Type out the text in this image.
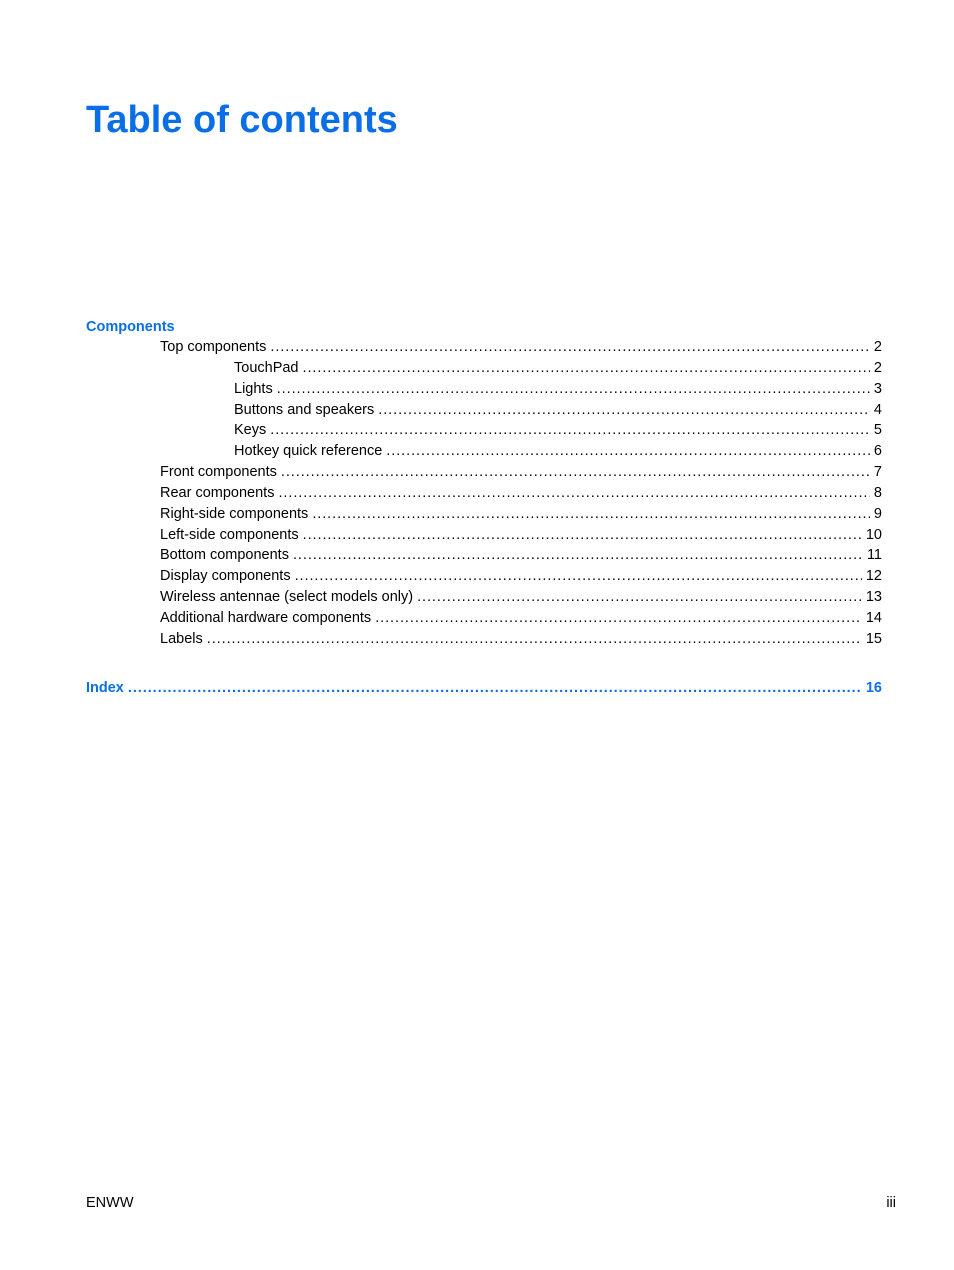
Table of contents
Components
Top components . . .	2
TouchPad . . .	2
Lights . . .	3
Buttons and speakers . . .	4
Keys . . .	5
Hotkey quick reference . . .	6
Front components . . .	7
Rear components . . .	8
Right-side components . . .	9
Left-side components . . .	10
Bottom components . . .	11
Display components . . .	12
Wireless antennae (select models only) . . .	13
Additional hardware components . . .	14
Labels . . .	15
Index . . .	16
ENWW	iii
